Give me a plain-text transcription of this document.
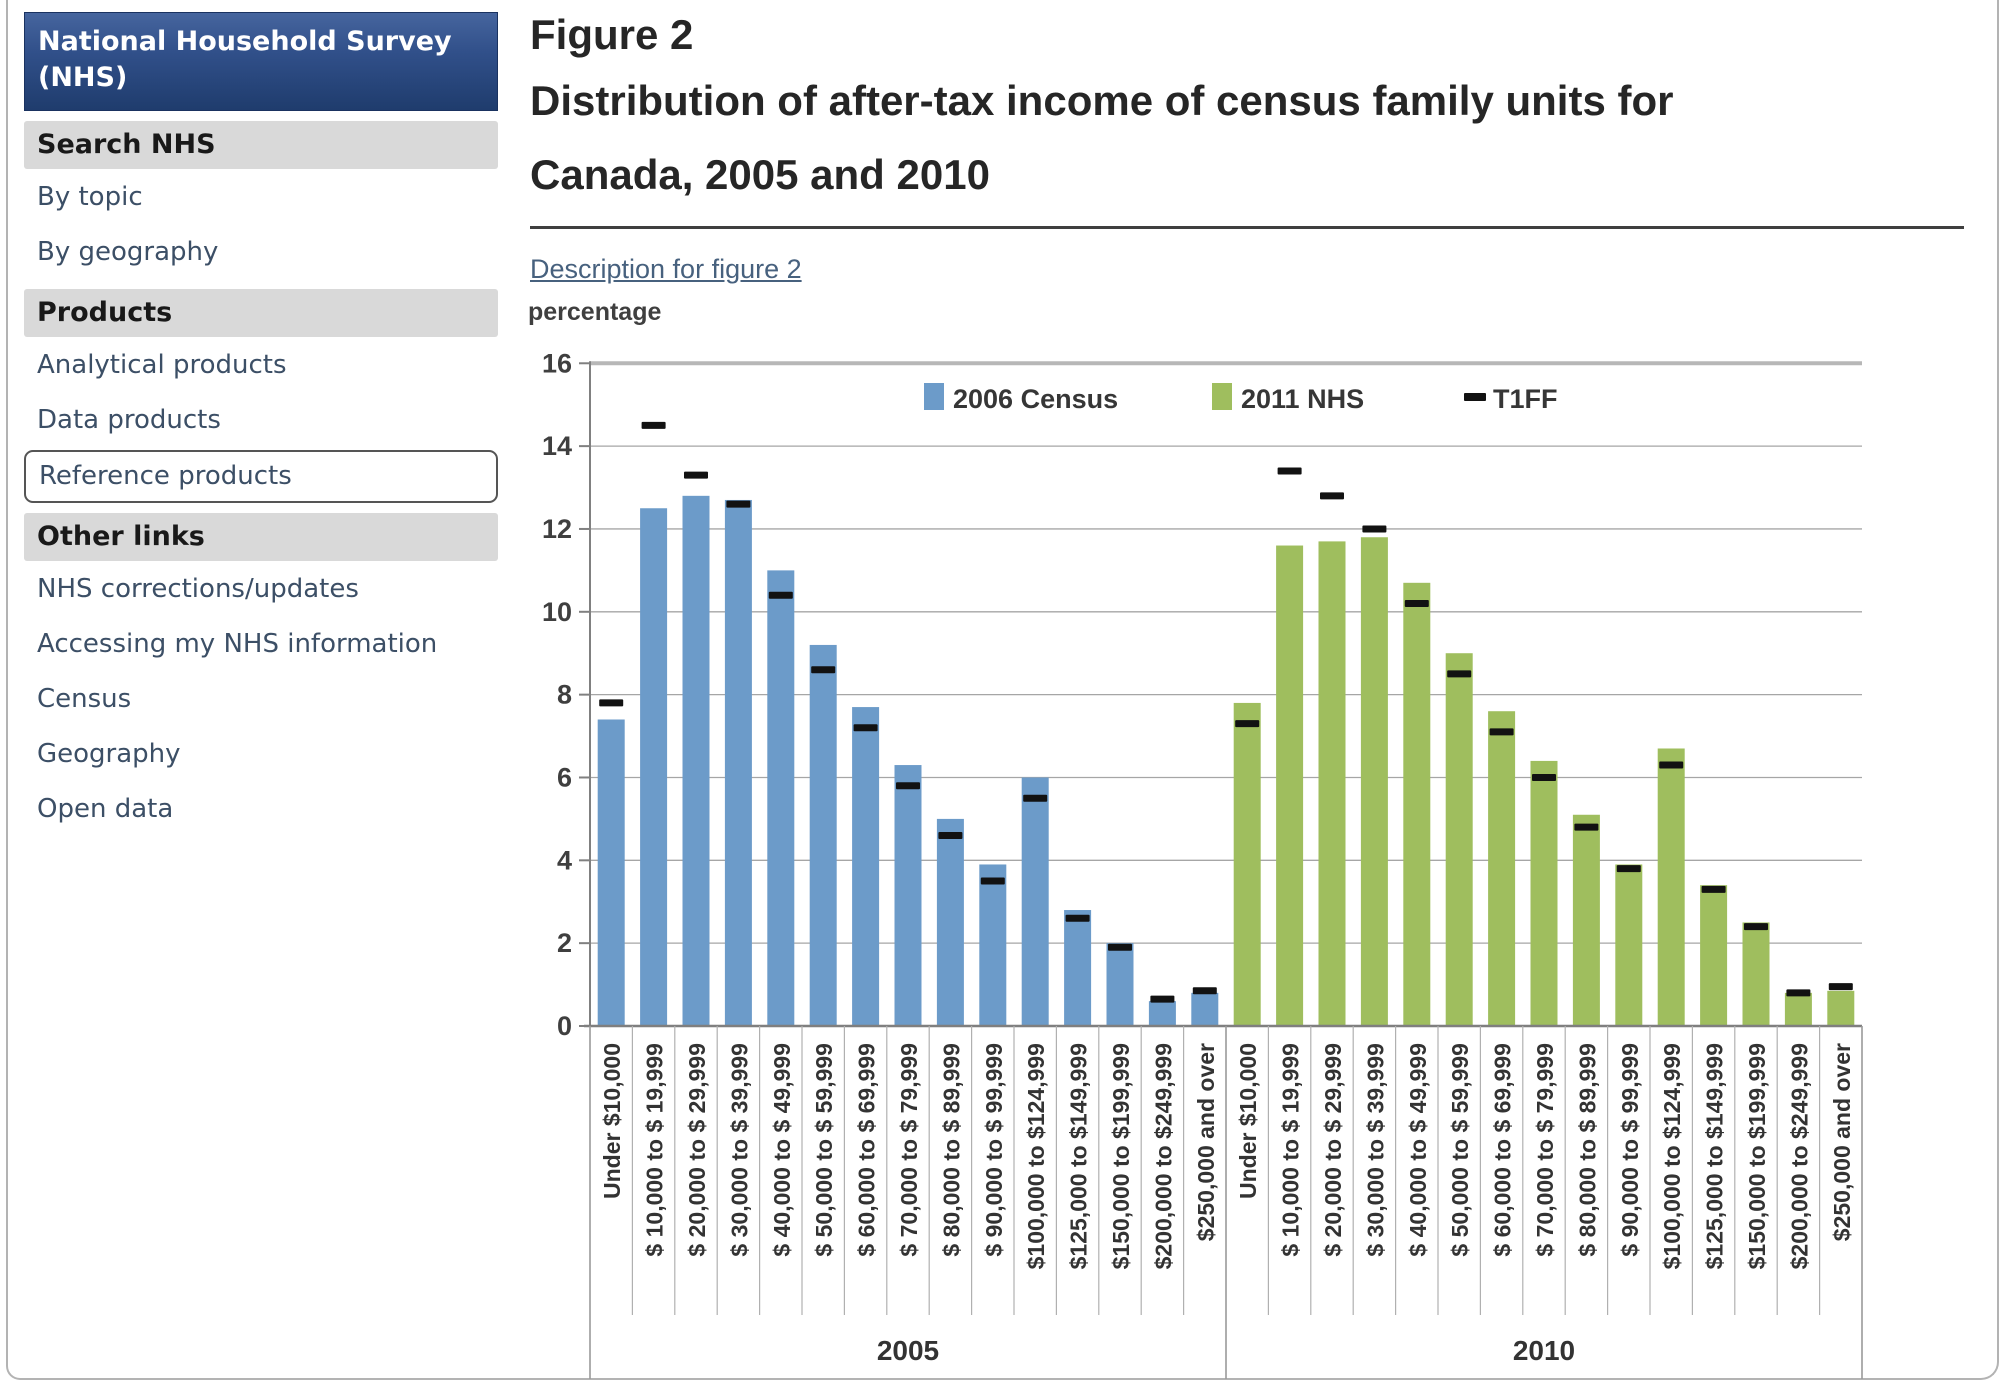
National Household Survey
(NHS)
Search NHS
By topic
By geography
Products
Analytical products
Data products
Reference products
Other links
NHS corrections/updates
Accessing my NHS information
Census
Geography
Open data
Figure 2
Distribution of after-tax income of census family units for
Canada, 2005 and 2010
Description for figure 2
percentage
0
2
4
6
8
10
12
14
16
Under $10,000 $ 10,000 to $ 19,999 $ 20,000 to $ 29,999 $ 30,000 to $ 39,999 $ 40,000 to $ 49,999 $ 50,000 to $ 59,999 $ 60,000 to $ 69,999 $ 70,000 to $ 79,999 $ 80,000 to $ 89,999 $ 90,000 to $ 99,999 $100,000 to $124,999 $125,000 to $149,999 $150,000 to $199,999 $200,000 to $249,999 $250,000 and over Under $10,000 $ 10,000 to $ 19,999 $ 20,000 to $ 29,999 $ 30,000 to $ 39,999 $ 40,000 to $ 49,999 $ 50,000 to $ 59,999 $ 60,000 to $ 69,999 $ 70,000 to $ 79,999 $ 80,000 to $ 89,999 $ 90,000 to $ 99,999 $100,000 to $124,999 $125,000 to $149,999 $150,000 to $199,999 $200,000 to $249,999 $250,000 and over
2005	2010
2006 Census	2011 NHS	T1FF
